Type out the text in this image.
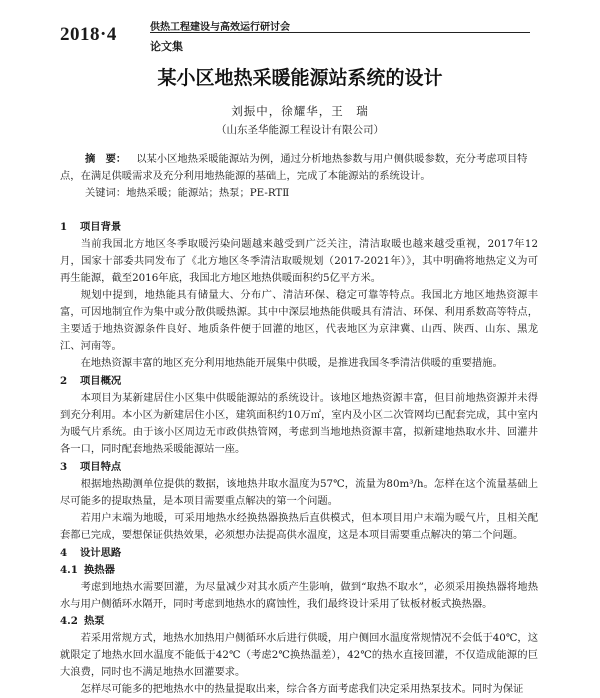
2018·4	供热工程建设与高效运行研讨会
论文集
某小区地热采暖能源站系统的设计
刘振中，徐耀华，王　瑞
（山东圣华能源工程设计有限公司）
摘　要： 以某小区地热采暖能源站为例，通过分析地热参数与用户侧供暖参数，充分考虑项目特点，在满足供暖需求及充分利用地热能源的基础上，完成了本能源站的系统设计。
关键词：地热采暖；能源站；热泵；PE-RTⅡ
1 项目背景

当前我国北方地区冬季取暖污染问题越来越受到广泛关注，清洁取暖也越来越受重视，2017年12月，国家十部委共同发布了《北方地区冬季清洁取暖规划（2017-2021年）》，其中明确将地热定义为可再生能源，截至2016年底，我国北方地区地热供暖面积约5亿平方米。

规划中提到，地热能具有储量大、分布广、清洁环保、稳定可靠等特点。我国北方地区地热资源丰富，可因地制宜作为集中或分散供暖热源。其中中深层地热能供暖具有清洁、环保、利用系数高等特点，主要适于地热资源条件良好、地质条件便于回灌的地区，代表地区为京津冀、山西、陕西、山东、黑龙江、河南等。

在地热资源丰富的地区充分利用地热能开展集中供暖，是推进我国冬季清洁供暖的重要措施。

2 项目概况

本项目为某新建居住小区集中供暖能源站的系统设计。该地区地热资源丰富，但目前地热资源并未得到充分利用。本小区为新建居住小区，建筑面积约10万㎡，室内及小区二次管网均已配套完成，其中室内为暖气片系统。由于该小区周边无市政供热管网，考虑到当地地热资源丰富，拟新建地热取水井、回灌井各一口，同时配套地热采暖能源站一座。

3 项目特点

根据地热勘测单位提供的数据，该地热井取水温度为57℃，流量为80m³/h。怎样在这个流量基础上尽可能多的提取热量，是本项目需要重点解决的第一个问题。

若用户末端为地暖，可采用地热水经换热器换热后直供模式，但本项目用户末端为暖气片，且相关配套都已完成，要想保证供热效果，必须想办法提高供水温度，这是本项目需要重点解决的第二个问题。

4 设计思路
4.1 换热器

考虑到地热水需要回灌，为尽量减少对其水质产生影响，做到“取热不取水”，必须采用换热器将地热水与用户侧循环水隔开，同时考虑到地热水的腐蚀性，我们最终设计采用了钛板材板式换热器。

4.2 热泵

若采用常规方式，地热水加热用户侧循环水后进行供暖，用户侧回水温度常规情况不会低于40℃，这就限定了地热水回水温度不能低于42℃（考虑2℃换热温差），42℃的热水直接回灌，不仅造成能源的巨大浪费，同时也不满足地热水回灌要求。

怎样尽可能多的把地热水中的热量提取出来，综合各方面考虑我们决定采用热泵技术。同时为保证
